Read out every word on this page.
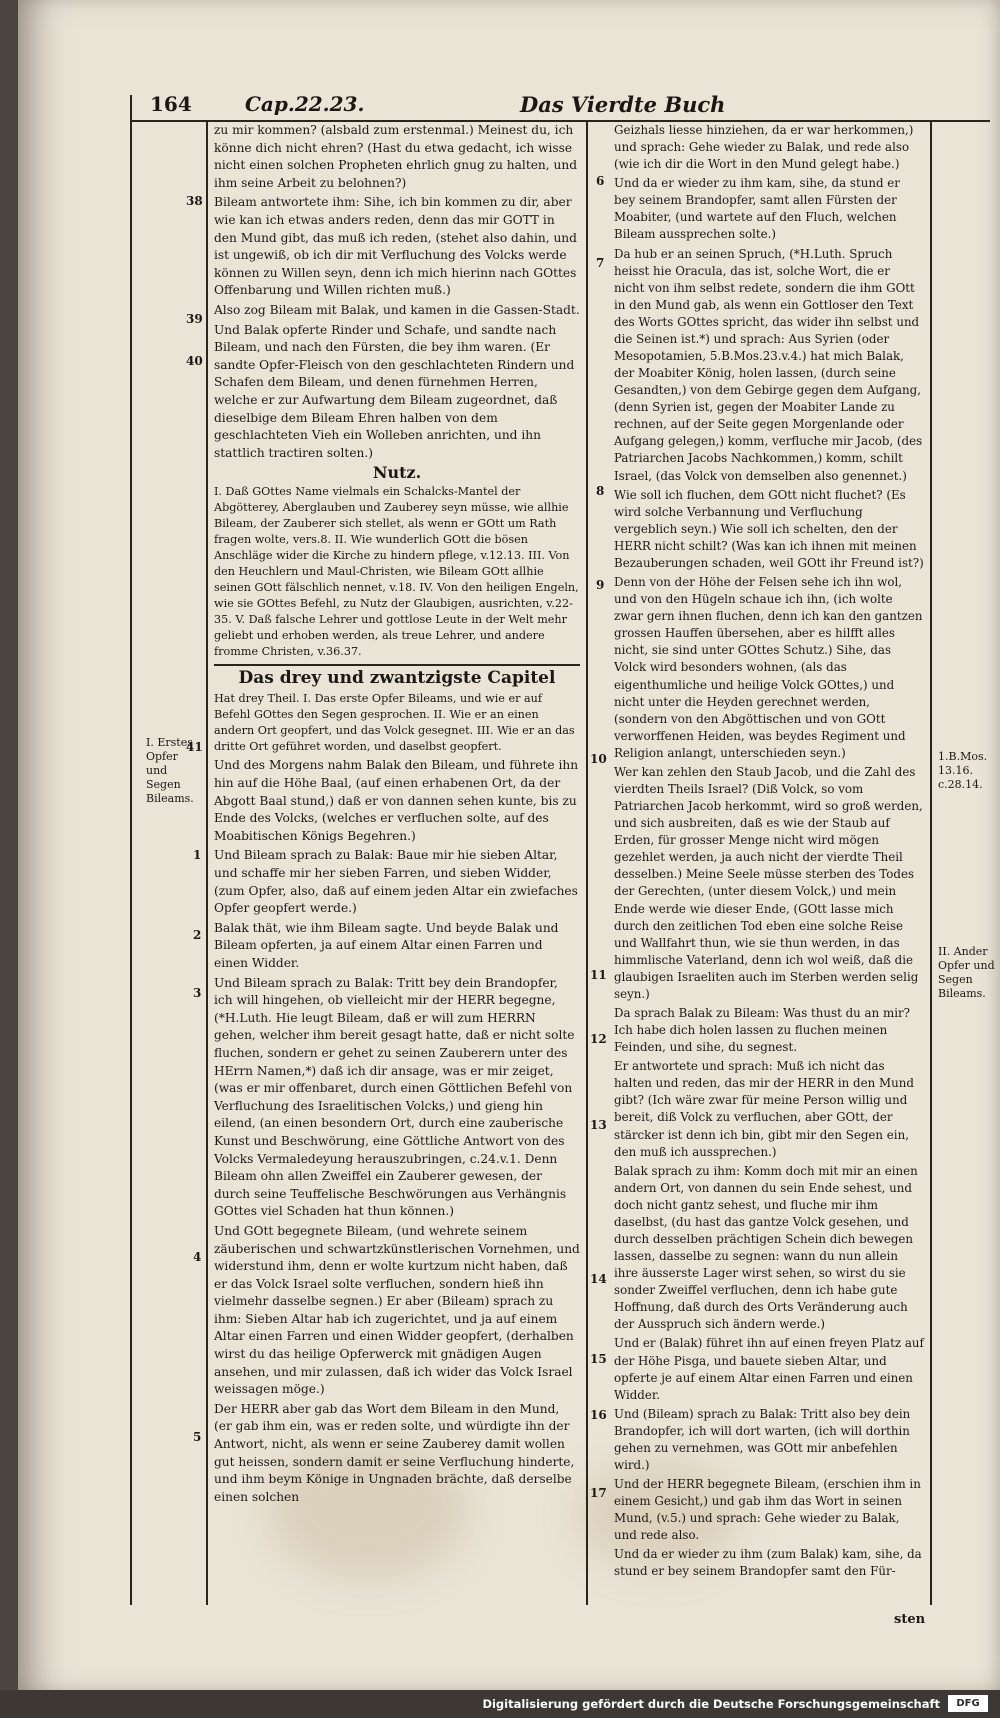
164	Cap.22.23.	Das Vierdte Buch
I. Erstes Opfer und Segen Bileams.
1.B.Mos. 13.16. c.28.14.
II. Ander Opfer und Segen Bileams.
38
39
40
41
1
2
3
4
5
6
7
8
9
10
11
12
13
14
15
16
17

zu mir kommen? (alsbald zum erstenmal.) Meinest du, ich könne dich nicht ehren? (Hast du etwa gedacht, ich wisse nicht einen solchen Propheten ehrlich gnug zu halten, und ihm seine Arbeit zu belohnen?)

Bileam antwortete ihm: Sihe, ich bin kommen zu dir, aber wie kan ich etwas anders reden, denn das mir GOTT in den Mund gibt, das muß ich reden, (stehet also dahin, und ist ungewiß, ob ich dir mit Verfluchung des Volcks werde können zu Willen seyn, denn ich mich hierinn nach GOttes Offenbarung und Willen richten muß.)

Also zog Bileam mit Balak, und kamen in die Gassen-Stadt.

Und Balak opferte Rinder und Schafe, und sandte nach Bileam, und nach den Fürsten, die bey ihm waren. (Er sandte Opfer-Fleisch von den geschlachteten Rindern und Schafen dem Bileam, und denen fürnehmen Herren, welche er zur Aufwartung dem Bileam zugeordnet, daß dieselbige dem Bileam Ehren halben von dem geschlachteten Vieh ein Wolleben anrichten, und ihn stattlich tractiren solten.)

Nutz.

I. Daß GOttes Name vielmals ein Schalcks-Mantel der Abgötterey, Aberglauben und Zauberey seyn müsse, wie allhie Bileam, der Zauberer sich stellet, als wenn er GOtt um Rath fragen wolte, vers.8. II. Wie wunderlich GOtt die bösen Anschläge wider die Kirche zu hindern pflege, v.12.13. III. Von den Heuchlern und Maul-Christen, wie Bileam GOtt allhie seinen GOtt fälschlich nennet, v.18. IV. Von den heiligen Engeln, wie sie GOttes Befehl, zu Nutz der Glaubigen, ausrichten, v.22-35. V. Daß falsche Lehrer und gottlose Leute in der Welt mehr geliebt und erhoben werden, als treue Lehrer, und andere fromme Christen, v.36.37.

Das drey und zwantzigste Capitel

Hat drey Theil. I. Das erste Opfer Bileams, und wie er auf Befehl GOttes den Segen gesprochen. II. Wie er an einen andern Ort geopfert, und das Volck gesegnet. III. Wie er an das dritte Ort geführet worden, und daselbst geopfert.

Und des Morgens nahm Balak den Bileam, und führete ihn hin auf die Höhe Baal, (auf einen erhabenen Ort, da der Abgott Baal stund,) daß er von dannen sehen kunte, bis zu Ende des Volcks, (welches er verfluchen solte, auf des Moabitischen Königs Begehren.)

Und Bileam sprach zu Balak: Baue mir hie sieben Altar, und schaffe mir her sieben Farren, und sieben Widder, (zum Opfer, also, daß auf einem jeden Altar ein zwiefaches Opfer geopfert werde.)

Balak thät, wie ihm Bileam sagte. Und beyde Balak und Bileam opferten, ja auf einem Altar einen Farren und einen Widder.

Und Bileam sprach zu Balak: Tritt bey dein Brandopfer, ich will hingehen, ob vielleicht mir der HERR begegne, (*H.Luth. Hie leugt Bileam, daß er will zum HERRN gehen, welcher ihm bereit gesagt hatte, daß er nicht solte fluchen, sondern er gehet zu seinen Zauberern unter des HErrn Namen,*) daß ich dir ansage, was er mir zeiget, (was er mir offenbaret, durch einen Göttlichen Befehl von Verfluchung des Israelitischen Volcks,) und gieng hin eilend, (an einen besondern Ort, durch eine zauberische Kunst und Beschwörung, eine Göttliche Antwort von des Volcks Vermaledeyung herauszubringen, c.24.v.1. Denn Bileam ohn allen Zweiffel ein Zauberer gewesen, der durch seine Teuffelische Beschwörungen aus Verhängnis GOttes viel Schaden hat thun können.)

Und GOtt begegnete Bileam, (und wehrete seinem zäuberischen und schwartzkünstlerischen Vornehmen, und widerstund ihm, denn er wolte kurtzum nicht haben, daß er das Volck Israel solte verfluchen, sondern hieß ihn vielmehr dasselbe segnen.) Er aber (Bileam) sprach zu ihm: Sieben Altar hab ich zugerichtet, und ja auf einem Altar einen Farren und einen Widder geopfert, (derhalben wirst du das heilige Opferwerck mit gnädigen Augen ansehen, und mir zulassen, daß ich wider das Volck Israel weissagen möge.)

Der HERR aber gab das Wort dem Bileam in den Mund, (er gab ihm ein, was er reden solte, und würdigte ihn der Antwort, nicht, als wenn er seine Zauberey damit wollen gut heissen, sondern damit er seine Verfluchung hinderte, und ihm beym Könige in Ungnaden brächte, daß derselbe einen solchen

Geizhals liesse hinziehen, da er war herkommen,) und sprach: Gehe wieder zu Balak, und rede also (wie ich dir die Wort in den Mund gelegt habe.)

Und da er wieder zu ihm kam, sihe, da stund er bey seinem Brandopfer, samt allen Fürsten der Moabiter, (und wartete auf den Fluch, welchen Bileam aussprechen solte.)

Da hub er an seinen Spruch, (*H.Luth. Spruch heisst hie Oracula, das ist, solche Wort, die er nicht von ihm selbst redete, sondern die ihm GOtt in den Mund gab, als wenn ein Gottloser den Text des Worts GOttes spricht, das wider ihn selbst und die Seinen ist.*) und sprach: Aus Syrien (oder Mesopotamien, 5.B.Mos.23.v.4.) hat mich Balak, der Moabiter König, holen lassen, (durch seine Gesandten,) von dem Gebirge gegen dem Aufgang, (denn Syrien ist, gegen der Moabiter Lande zu rechnen, auf der Seite gegen Morgenlande oder Aufgang gelegen,) komm, verfluche mir Jacob, (des Patriarchen Jacobs Nachkommen,) komm, schilt Israel, (das Volck von demselben also genennet.)

Wie soll ich fluchen, dem GOtt nicht fluchet? (Es wird solche Verbannung und Verfluchung vergeblich seyn.) Wie soll ich schelten, den der HERR nicht schilt? (Was kan ich ihnen mit meinen Bezauberungen schaden, weil GOtt ihr Freund ist?)

Denn von der Höhe der Felsen sehe ich ihn wol, und von den Hügeln schaue ich ihn, (ich wolte zwar gern ihnen fluchen, denn ich kan den gantzen grossen Hauffen übersehen, aber es hilfft alles nicht, sie sind unter GOttes Schutz.) Sihe, das Volck wird besonders wohnen, (als das eigenthumliche und heilige Volck GOttes,) und nicht unter die Heyden gerechnet werden, (sondern von den Abgöttischen und von GOtt verworffenen Heiden, was beydes Regiment und Religion anlangt, unterschieden seyn.)

Wer kan zehlen den Staub Jacob, und die Zahl des vierdten Theils Israel? (Diß Volck, so vom Patriarchen Jacob herkommt, wird so groß werden, und sich ausbreiten, daß es wie der Staub auf Erden, für grosser Menge nicht wird mögen gezehlet werden, ja auch nicht der vierdte Theil desselben.) Meine Seele müsse sterben des Todes der Gerechten, (unter diesem Volck,) und mein Ende werde wie dieser Ende, (GOtt lasse mich durch den zeitlichen Tod eben eine solche Reise und Wallfahrt thun, wie sie thun werden, in das himmlische Vaterland, denn ich wol weiß, daß die glaubigen Israeliten auch im Sterben werden selig seyn.)

Da sprach Balak zu Bileam: Was thust du an mir? Ich habe dich holen lassen zu fluchen meinen Feinden, und sihe, du segnest.

Er antwortete und sprach: Muß ich nicht das halten und reden, das mir der HERR in den Mund gibt? (Ich wäre zwar für meine Person willig und bereit, diß Volck zu verfluchen, aber GOtt, der stärcker ist denn ich bin, gibt mir den Segen ein, den muß ich aussprechen.)

Balak sprach zu ihm: Komm doch mit mir an einen andern Ort, von dannen du sein Ende sehest, und doch nicht gantz sehest, und fluche mir ihm daselbst, (du hast das gantze Volck gesehen, und durch desselben prächtigen Schein dich bewegen lassen, dasselbe zu segnen: wann du nun allein ihre äusserste Lager wirst sehen, so wirst du sie sonder Zweiffel verfluchen, denn ich habe gute Hoffnung, daß durch des Orts Veränderung auch der Ausspruch sich ändern werde.)

Und er (Balak) führet ihn auf einen freyen Platz auf der Höhe Pisga, und bauete sieben Altar, und opferte je auf einem Altar einen Farren und einen Widder.

Und (Bileam) sprach zu Balak: Tritt also bey dein Brandopfer, ich will dort warten, (ich will dorthin gehen zu vernehmen, was GOtt mir anbefehlen wird.)

Und der HERR begegnete Bileam, (erschien ihm in einem Gesicht,) und gab ihm das Wort in seinen Mund, (v.5.) und sprach: Gehe wieder zu Balak, und rede also.

Und da er wieder zu ihm (zum Balak) kam, sihe, da stund er bey seinem Brandopfer samt den Für-

sten
Digitalisierung gefördert durch die Deutsche Forschungsgemeinschaft	DFG
